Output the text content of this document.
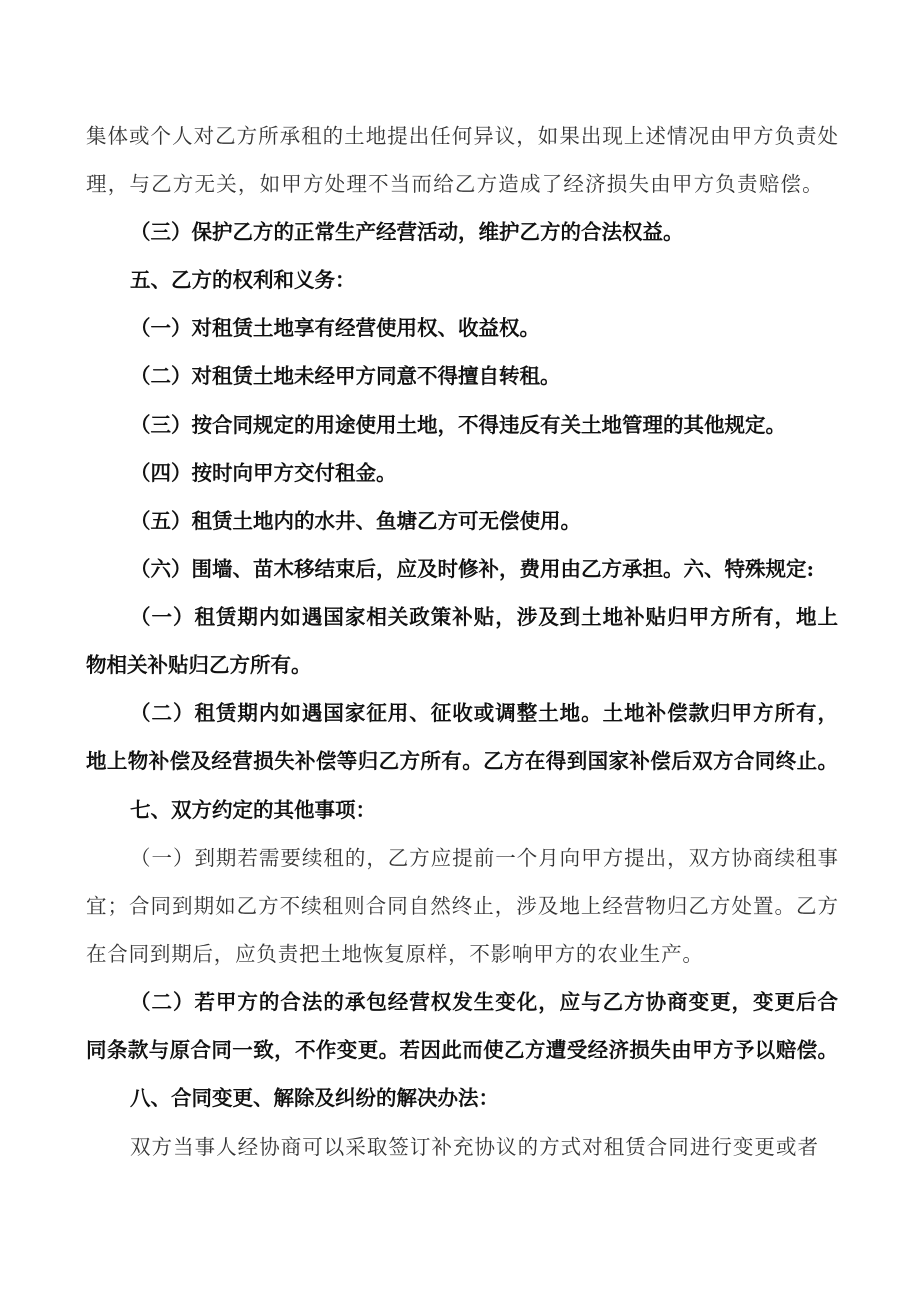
集体或个人对乙方所承租的土地提出任何异议，如果出现上述情况由甲方负责处
理，与乙方无关，如甲方处理不当而给乙方造成了经济损失由甲方负责赔偿。
（三）保护乙方的正常生产经营活动，维护乙方的合法权益。
五、乙方的权利和义务：
（一）对租赁土地享有经营使用权、收益权。
（二）对租赁土地未经甲方同意不得擅自转租。
（三）按合同规定的用途使用土地，不得违反有关土地管理的其他规定。
（四）按时向甲方交付租金。
（五）租赁土地内的水井、鱼塘乙方可无偿使用。
（六）围墙、苗木移结束后，应及时修补，费用由乙方承担。六、特殊规定:
（一）租赁期内如遇国家相关政策补贴，涉及到土地补贴归甲方所有，地上
物相关补贴归乙方所有。
（二）租赁期内如遇国家征用、征收或调整土地。土地补偿款归甲方所有，
地上物补偿及经营损失补偿等归乙方所有。乙方在得到国家补偿后双方合同终止。
七、双方约定的其他事项：
（一）到期若需要续租的，乙方应提前一个月向甲方提出，双方协商续租事
宜；合同到期如乙方不续租则合同自然终止，涉及地上经营物归乙方处置。乙方
在合同到期后，应负责把土地恢复原样，不影响甲方的农业生产。
（二）若甲方的合法的承包经营权发生变化，应与乙方协商变更，变更后合
同条款与原合同一致，不作变更。若因此而使乙方遭受经济损失由甲方予以赔偿。
八、合同变更、解除及纠纷的解决办法：
双方当事人经协商可以采取签订补充协议的方式对租赁合同进行变更或者
